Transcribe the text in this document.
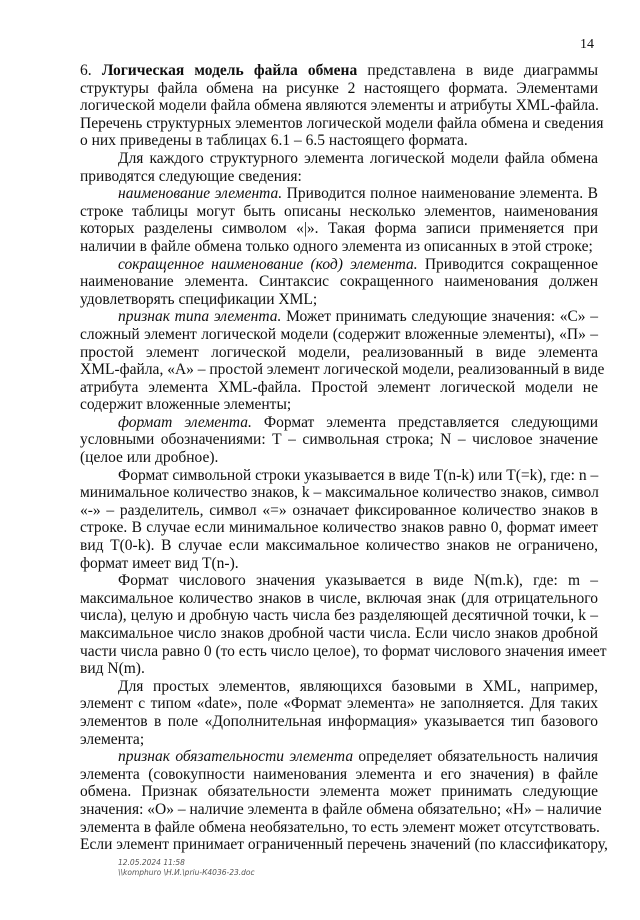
14
6. Логическая модель файла обмена представлена в виде диаграммы
структуры файла обмена на рисунке 2 настоящего формата. Элементами
логической модели файла обмена являются элементы и атрибуты XML-файла.
Перечень структурных элементов логической модели файла обмена и сведения
о них приведены в таблицах 6.1 – 6.5 настоящего формата.
Для каждого структурного элемента логической модели файла обмена
приводятся следующие сведения:
наименование элемента. Приводится полное наименование элемента. В
строке таблицы могут быть описаны несколько элементов, наименования
которых разделены символом «|». Такая форма записи применяется при
наличии в файле обмена только одного элемента из описанных в этой строке;
сокращенное наименование (код) элемента. Приводится сокращенное
наименование элемента. Синтаксис сокращенного наименования должен
удовлетворять спецификации XML;
признак типа элемента. Может принимать следующие значения: «С» –
сложный элемент логической модели (содержит вложенные элементы), «П» –
простой элемент логической модели, реализованный в виде элемента
XML-файла, «А» – простой элемент логической модели, реализованный в виде
атрибута элемента XML-файла. Простой элемент логической модели не
содержит вложенные элементы;
формат элемента. Формат элемента представляется следующими
условными обозначениями: Т – символьная строка; N – числовое значение
(целое или дробное).
Формат символьной строки указывается в виде Т(n-k) или Т(=k), где: n –
минимальное количество знаков, k – максимальное количество знаков, символ
«-» – разделитель, символ «=» означает фиксированное количество знаков в
строке. В случае если минимальное количество знаков равно 0, формат имеет
вид Т(0-k). В случае если максимальное количество знаков не ограничено,
формат имеет вид Т(n-).
Формат числового значения указывается в виде N(m.k), где: m –
максимальное количество знаков в числе, включая знак (для отрицательного
числа), целую и дробную часть числа без разделяющей десятичной точки, k –
максимальное число знаков дробной части числа. Если число знаков дробной
части числа равно 0 (то есть число целое), то формат числового значения имеет
вид N(m).
Для простых элементов, являющихся базовыми в XML, например,
элемент с типом «date», поле «Формат элемента» не заполняется. Для таких
элементов в поле «Дополнительная информация» указывается тип базового
элемента;
признак обязательности элемента определяет обязательность наличия
элемента (совокупности наименования элемента и его значения) в файле
обмена. Признак обязательности элемента может принимать следующие
значения: «О» – наличие элемента в файле обмена обязательно; «Н» – наличие
элемента в файле обмена необязательно, то есть элемент может отсутствовать.
Если элемент принимает ограниченный перечень значений (по классификатору,
12.05.2024 11:58
\\komphuro \Н.И.\priu-К4036-23.doc
